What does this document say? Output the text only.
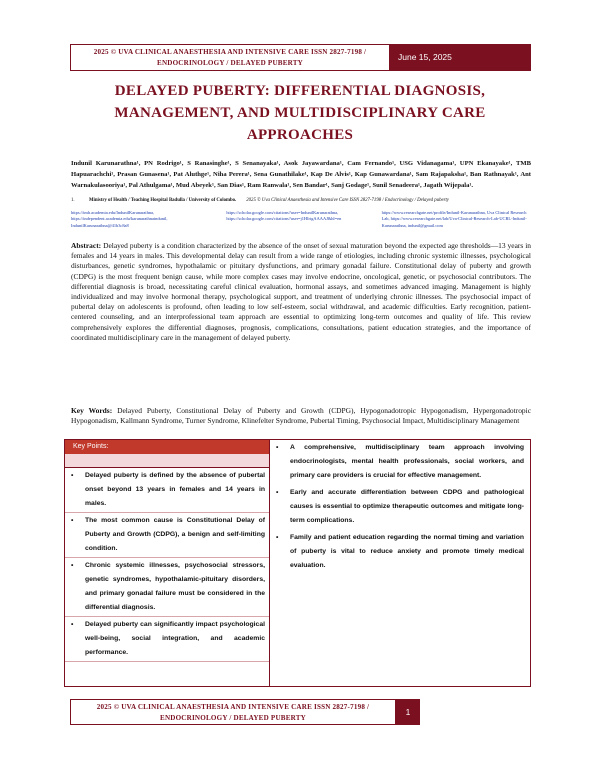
2025 © UVA CLINICAL ANAESTHESIA AND INTENSIVE CARE ISSN 2827-7198 /
ENDOCRINOLOGY / DELAYED PUBERTY
June 15, 2025
DELAYED PUBERTY: DIFFERENTIAL DIAGNOSIS, MANAGEMENT, AND MULTIDISCIPLINARY CARE APPROACHES

Indunil Karunarathna¹, PN Rodrigo¹, S Ranasinghe¹, S Senanayaka¹, Asok Jayawardana¹, Cam Fernando¹, USG Vidanagama¹, UPN Ekanayake¹, TMB Hapuarachchi¹, Prasan Gunasena¹, Pat Aluthge¹, Niha Perera¹, Sena Gunathilake¹, Kap De Alvis¹, Kap Gunawardana¹, Sam Rajapaksha¹, Ban Rathnayak¹, Ant Warnakulasooriya¹, Pal Athulgama¹, Mud Abeyek¹, San Dias¹, Ram Ranwala¹, Sen Bandar¹, Sanj Godage¹, Sunil Senadeera¹, Jagath Wijepala¹.

1.	Ministry of Health / Teaching Hospital Badulla / University of Colombo. 2025 © Uva Clinical Anaesthesia and Intensive Care ISSN 2827-7198 / Endocrinology / Delayed puberty
https://tmh.academia.edu/IndunilKarunarathna, https://independent.academia.edu/karunarathnaindunil, IndunilKarunarathna@41b3c8a8
https://scholar.google.com/citations?user=IndunilKarunarathna, https://scholar.google.com/citations?user=j1HIrtgAAAAJ&hl=en
https://www.researchgate.net/profile/Indunil-Karunarathna, Uva Clinical Research Lab, https://www.researchgate.net/lab/Uva-Clinical-Research-Lab-UCRL-Indunil-Karunarathna, indunil@gmail.com

Abstract: Delayed puberty is a condition characterized by the absence of the onset of sexual maturation beyond the expected age thresholds—13 years in females and 14 years in males. This developmental delay can result from a wide range of etiologies, including chronic systemic illnesses, psychological disturbances, genetic syndromes, hypothalamic or pituitary dysfunctions, and primary gonadal failure. Constitutional delay of puberty and growth (CDPG) is the most frequent benign cause, while more complex cases may involve endocrine, oncological, genetic, or psychosocial contributors. The differential diagnosis is broad, necessitating careful clinical evaluation, hormonal assays, and sometimes advanced imaging. Management is highly individualized and may involve hormonal therapy, psychological support, and treatment of underlying chronic illnesses. The psychosocial impact of pubertal delay on adolescents is profound, often leading to low self-esteem, social withdrawal, and academic difficulties. Early recognition, patient-centered counseling, and an interprofessional team approach are essential to optimizing long-term outcomes and quality of life. This review comprehensively explores the differential diagnoses, prognosis, complications, consultations, patient education strategies, and the importance of coordinated multidisciplinary care in the management of delayed puberty.

Key Words: Delayed Puberty, Constitutional Delay of Puberty and Growth (CDPG), Hypogonadotropic Hypogonadism, Hypergonadotropic Hypogonadism, Kallmann Syndrome, Turner Syndrome, Klinefelter Syndrome, Pubertal Timing, Psychosocial Impact, Multidisciplinary Management

Key Points:
•	Delayed puberty is defined by the absence of pubertal onset beyond 13 years in females and 14 years in males.
•	The most common cause is Constitutional Delay of Puberty and Growth (CDPG), a benign and self-limiting condition.
•	Chronic systemic illnesses, psychosocial stressors, genetic syndromes, hypothalamic-pituitary disorders, and primary gonadal failure must be considered in the differential diagnosis.
•	Delayed puberty can significantly impact psychological well-being, social integration, and academic performance.
•	A comprehensive, multidisciplinary team approach involving endocrinologists, mental health professionals, social workers, and primary care providers is crucial for effective management.
•	Early and accurate differentiation between CDPG and pathological causes is essential to optimize therapeutic outcomes and mitigate long-term complications.
•	Family and patient education regarding the normal timing and variation of puberty is vital to reduce anxiety and promote timely medical evaluation.
2025 © UVA CLINICAL ANAESTHESIA AND INTENSIVE CARE ISSN 2827-7198 /
ENDOCRINOLOGY / DELAYED PUBERTY
1
